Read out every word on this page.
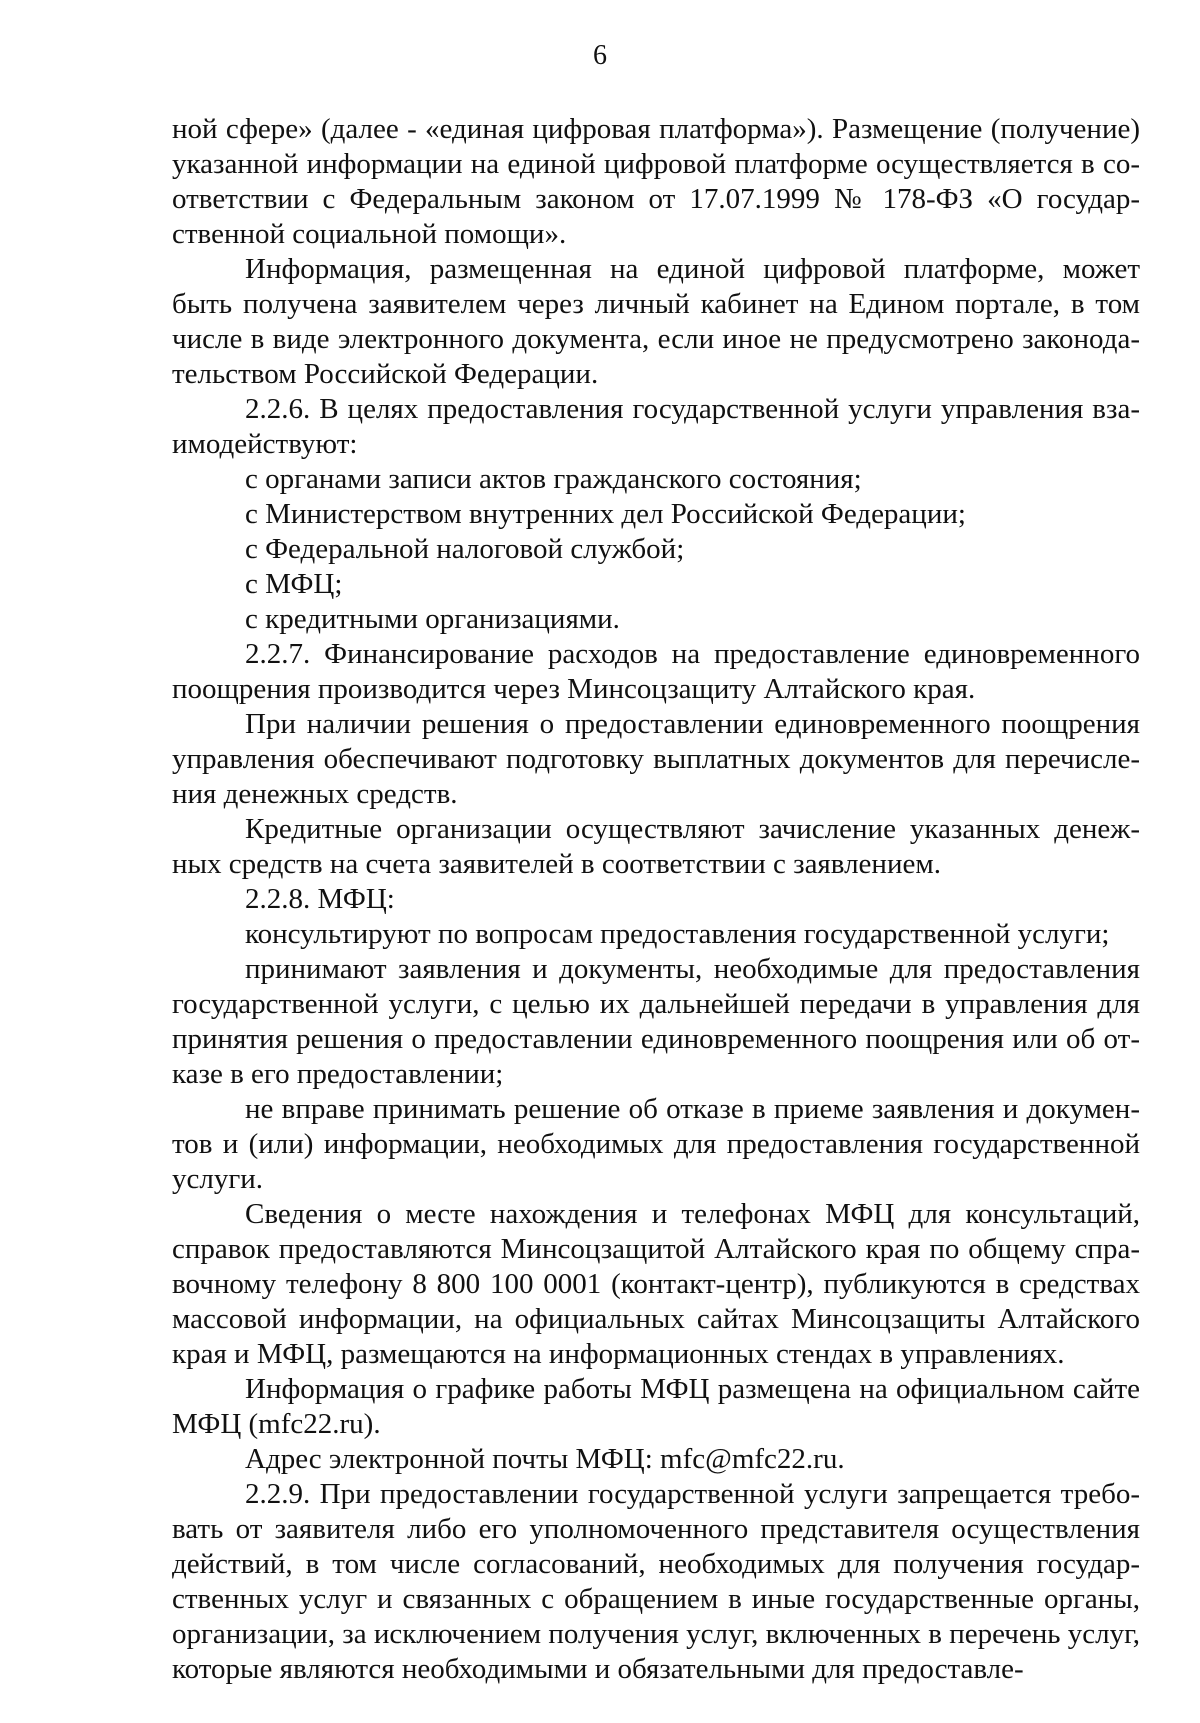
6

ной сфере» (далее - «единая цифровая платформа»). Размещение (получение) указанной информации на единой цифровой платформе осуществляется в соответствии с Федеральным законом от 17.07.1999 № 178-ФЗ «О государственной социальной помощи».

Информация, размещенная на единой цифровой платформе, может быть получена заявителем через личный кабинет на Едином портале, в том числе в виде электронного документа, если иное не предусмотрено законодательством Российской Федерации.

2.2.6. В целях предоставления государственной услуги управления взаимодействуют:

с органами записи актов гражданского состояния;

с Министерством внутренних дел Российской Федерации;

с Федеральной налоговой службой;

с МФЦ;

с кредитными организациями.

2.2.7. Финансирование расходов на предоставление единовременного поощрения производится через Минсоцзащиту Алтайского края.

При наличии решения о предоставлении единовременного поощрения управления обеспечивают подготовку выплатных документов для перечисления денежных средств.

Кредитные организации осуществляют зачисление указанных денежных средств на счета заявителей в соответствии с заявлением.

2.2.8. МФЦ:

консультируют по вопросам предоставления государственной услуги;

принимают заявления и документы, необходимые для предоставления государственной услуги, с целью их дальнейшей передачи в управления для принятия решения о предоставлении единовременного поощрения или об отказе в его предоставлении;

не вправе принимать решение об отказе в приеме заявления и документов и (или) информации, необходимых для предоставления государственной услуги.

Сведения о месте нахождения и телефонах МФЦ для консультаций, справок предоставляются Минсоцзащитой Алтайского края по общему справочному телефону 8 800 100 0001 (контакт-центр), публикуются в средствах массовой информации, на официальных сайтах Минсоцзащиты Алтайского края и МФЦ, размещаются на информационных стендах в управлениях.

Информация о графике работы МФЦ размещена на официальном сайте МФЦ (mfc22.ru).

Адрес электронной почты МФЦ: mfc@mfc22.ru.

2.2.9. При предоставлении государственной услуги запрещается требовать от заявителя либо его уполномоченного представителя осуществления действий, в том числе согласований, необходимых для получения государственных услуг и связанных с обращением в иные государственные органы, организации, за исключением получения услуг, включенных в перечень услуг, которые являются необходимыми и обязательными для предоставле-
